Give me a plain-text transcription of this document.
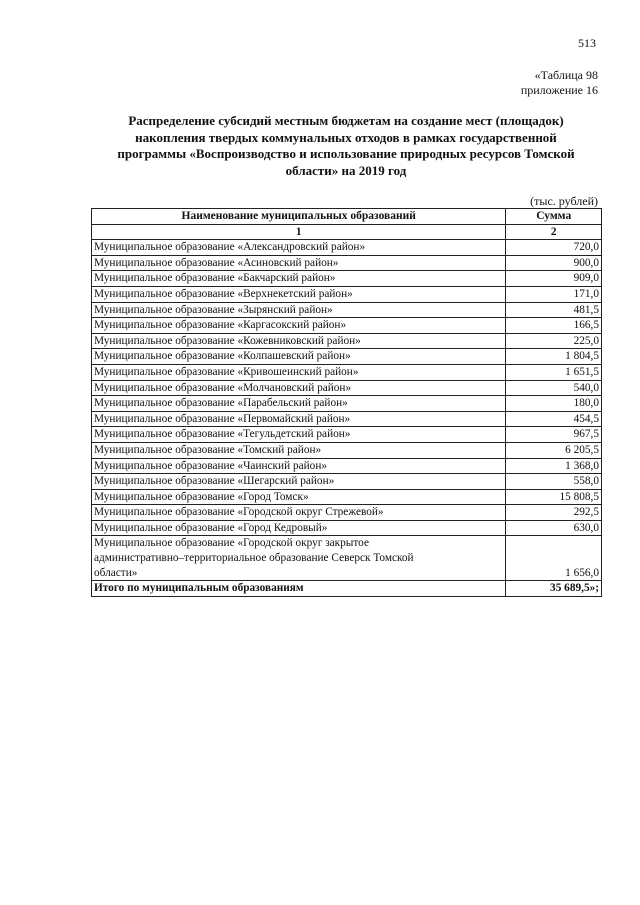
513
«Таблица 98
приложение 16
Распределение субсидий местным бюджетам на создание мест (площадок)
накопления твердых коммунальных отходов в рамках государственной
программы «Воспроизводство и использование природных ресурсов Томской
области» на 2019 год
(тыс. рублей)
Наименование муниципальных образований	Сумма
1	2
Муниципальное образование «Александровский район»	720,0
Муниципальное образование «Асиновский район»	900,0
Муниципальное образование «Бакчарский район»	909,0
Муниципальное образование «Верхнекетский район»	171,0
Муниципальное образование «Зырянский район»	481,5
Муниципальное образование «Каргасокский район»	166,5
Муниципальное образование «Кожевниковский район»	225,0
Муниципальное образование «Колпашевский район»	1 804,5
Муниципальное образование «Кривошеинский район»	1 651,5
Муниципальное образование «Молчановский район»	540,0
Муниципальное образование «Парабельский район»	180,0
Муниципальное образование «Первомайский район»	454,5
Муниципальное образование «Тегульдетский район»	967,5
Муниципальное образование «Томский район»	6 205,5
Муниципальное образование «Чаинский район»	1 368,0
Муниципальное образование «Шегарский район»	558,0
Муниципальное образование «Город Томск»	15 808,5
Муниципальное образование «Городской округ Стрежевой»	292,5
Муниципальное образование «Город Кедровый»	630,0

Муниципальное образование «Городской округ закрытое
административно–территориальное образование Северск Томской
области»	1 656,0
Итого по муниципальным образованиям	35 689,5»;
